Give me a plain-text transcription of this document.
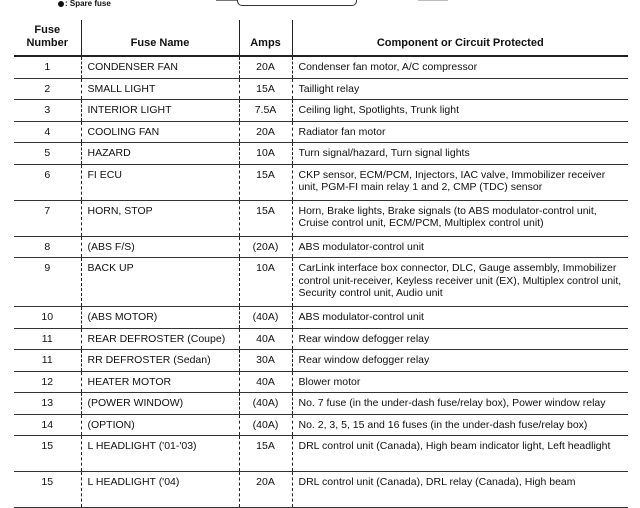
: Spare fuse
Fuse
Number	Fuse Name	Amps	Component or Circuit Protected
1	CONDENSER FAN	20A	Condenser fan motor, A/C compressor
2	SMALL LIGHT	15A	Taillight relay
3	INTERIOR LIGHT	7.5A	Ceiling light, Spotlights, Trunk light
4	COOLING FAN	20A	Radiator fan motor
5	HAZARD	10A	Turn signal/hazard, Turn signal lights
6	FI ECU	15A	CKP sensor, ECM/PCM, Injectors, IAC valve, Immobilizer receiver unit, PGM-FI main relay 1 and 2, CMP (TDC) sensor
7	HORN, STOP	15A	Horn, Brake lights, Brake signals (to ABS modulator-control unit, Cruise control unit, ECM/PCM, Multiplex control unit)
8	(ABS F/S)	(20A)	ABS modulator-control unit
9	BACK UP	10A	CarLink interface box connector, DLC, Gauge assembly, Immobilizer control unit-receiver, Keyless receiver unit (EX), Multiplex control unit, Security control unit, Audio unit
10	(ABS MOTOR)	(40A)	ABS modulator-control unit
11	REAR DEFROSTER (Coupe)	40A	Rear window defogger relay
11	RR DEFROSTER (Sedan)	30A	Rear window defogger relay
12	HEATER MOTOR	40A	Blower motor
13	(POWER WINDOW)	(40A)	No. 7 fuse (in the under-dash fuse/relay box), Power window relay
14	(OPTION)	(40A)	No. 2, 3, 5, 15 and 16 fuses (in the under-dash fuse/relay box)
15	L HEADLIGHT ('01-'03)	15A	DRL control unit (Canada), High beam indicator light, Left headlight
15	L HEADLIGHT ('04)	20A	DRL control unit (Canada), DRL relay (Canada), High beam
